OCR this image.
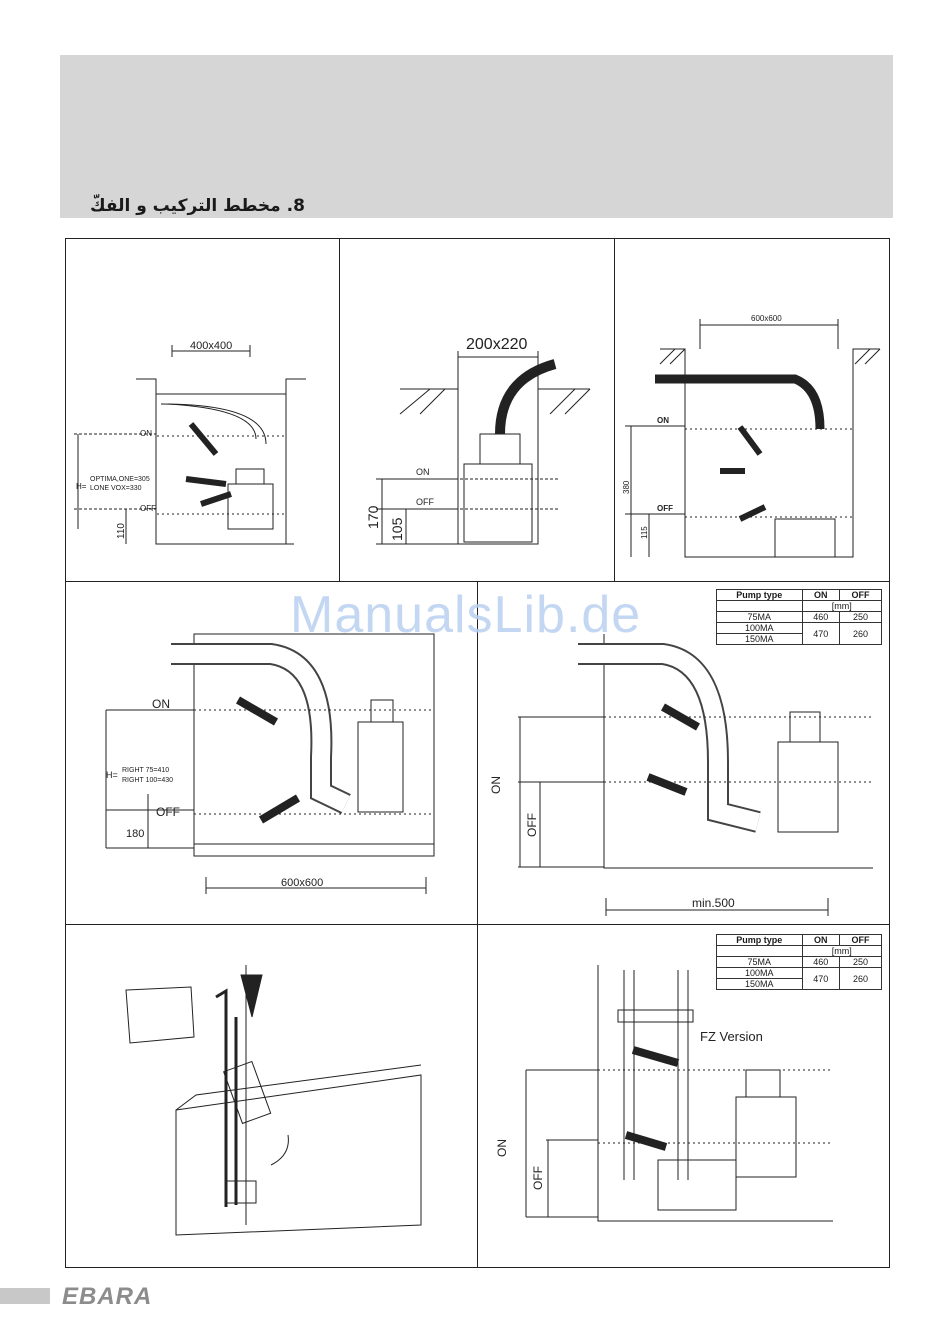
8. مخطط التركيب و الفكّ
400x400
ON
OFF
H=
OPTIMA,ONE=305
LONE VOX=330
110
200x220
ON
OFF
170
105
600x600
ON
OFF
380
115
ON
OFF
H= RIGHT 75=410
RIGHT 100=430
180
600x600
ON
OFF
min.500
FZ Version
ON
OFF
Pump type	ON	OFF
	[mm]	
75MA	460	250
100MA	470	260
150MA		
Pump type	ON	OFF
	[mm]	
75MA	460	250
100MA	470	260
150MA		
ManualsLib.de
EBARA
